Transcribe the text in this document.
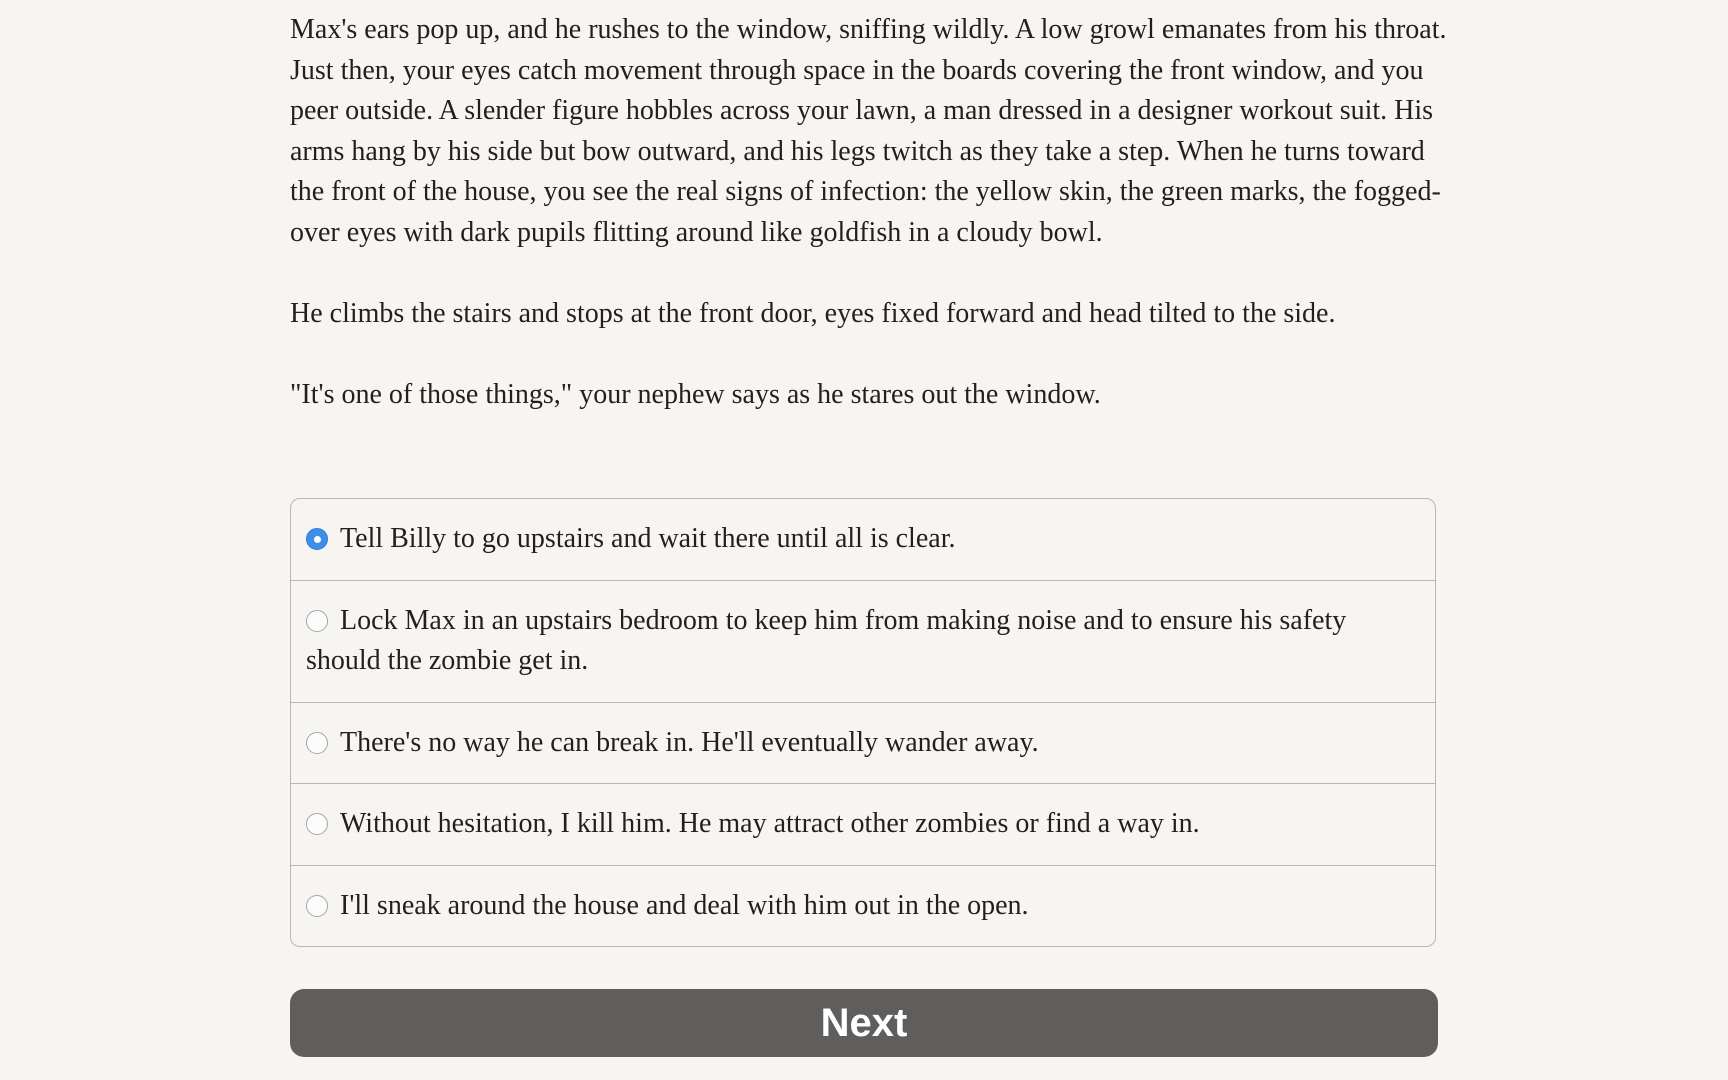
Max's ears pop up, and he rushes to the window, sniffing wildly. A low growl emanates from his throat. Just then, your eyes catch movement through space in the boards covering the front window, and you peer outside. A slender figure hobbles across your lawn, a man dressed in a designer workout suit. His arms hang by his side but bow outward, and his legs twitch as they take a step. When he turns toward the front of the house, you see the real signs of infection: the yellow skin, the green marks, the fogged-over eyes with dark pupils flitting around like goldfish in a cloudy bowl.

He climbs the stairs and stops at the front door, eyes fixed forward and head tilted to the side.

"It's one of those things," your nephew says as he stares out the window.

Tell Billy to go upstairs and wait there until all is clear.
Lock Max in an upstairs bedroom to keep him from making noise and to ensure his safety should the zombie get in.
There's no way he can break in. He'll eventually wander away.
Without hesitation, I kill him. He may attract other zombies or find a way in.
I'll sneak around the house and deal with him out in the open.
Next
